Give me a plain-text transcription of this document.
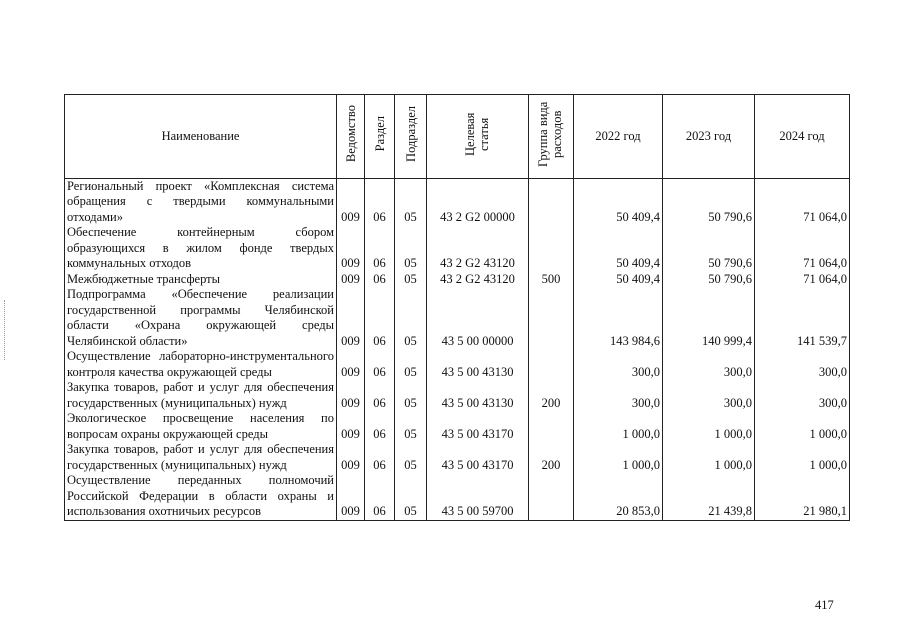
Наименование	Ведомство	Раздел	Подраздел	Целевая статья	Группа вида расходов	2022 год	2023 год	2024 год
Региональный проект «Комплексная система обращения с твердыми коммунальными отходами»	009	06	05	43 2 G2 00000		50 409,4	50 790,6	71 064,0
Обеспечение контейнерным сбором образующихся в жилом фонде твердых коммунальных отходов	009	06	05	43 2 G2 43120		50 409,4	50 790,6	71 064,0
Межбюджетные трансферты	009	06	05	43 2 G2 43120	500	50 409,4	50 790,6	71 064,0
Подпрограмма «Обеспечение реализации государственной программы Челябинской области «Охрана окружающей среды Челябинской области»	009	06	05	43 5 00 00000		143 984,6	140 999,4	141 539,7
Осуществление лабораторно-инструментального контроля качества окружающей среды	009	06	05	43 5 00 43130		300,0	300,0	300,0
Закупка товаров, работ и услуг для обеспечения государственных (муниципальных) нужд	009	06	05	43 5 00 43130	200	300,0	300,0	300,0
Экологическое просвещение населения по вопросам охраны окружающей среды	009	06	05	43 5 00 43170		1 000,0	1 000,0	1 000,0
Закупка товаров, работ и услуг для обеспечения государственных (муниципальных) нужд	009	06	05	43 5 00 43170	200	1 000,0	1 000,0	1 000,0
Осуществление переданных полномочий Российской Федерации в области охраны и использования охотничьих ресурсов	009	06	05	43 5 00 59700		20 853,0	21 439,8	21 980,1
417
